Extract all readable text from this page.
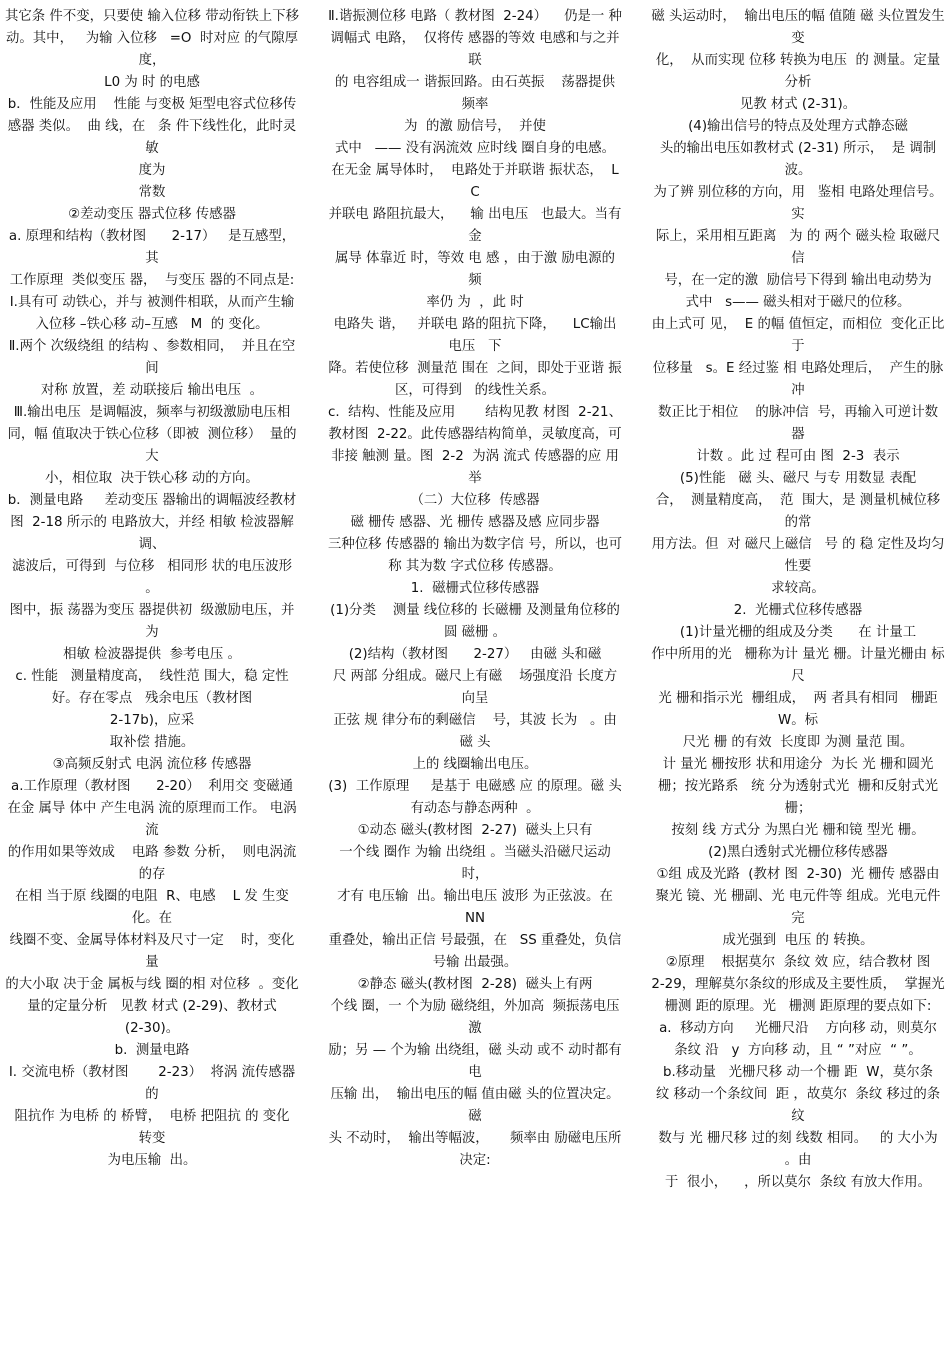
其它条 件不变，只要使 输入位移 带动衔铁上下移

动。其中，   为输 入位移   =O  时对应 的气隙厚度，

L0 为 时 的电感

b．性能及应用    性能 与变极 矩型电容式位移传

感器 类似。  曲 线，在   条 件下线性化，此时灵 敏

度为

常数

②差动变压 器式位移 传感器

a. 原理和结构（教材图      2-17）   是互感型，其

工作原理  类似变压 器，  与变压 器的不同点是:

Ⅰ.具有可 动铁心，并与 被测件相联，从而产生输

入位移 –铁心移 动–互感   M  的 变化。

Ⅱ.两个 次级绕组 的结构 、参数相同，  并且在空 间

对称 放置，差 动联接后 输出电压  。

Ⅲ.输出电压  是调幅波，频率与初级激励电压相

同，幅 值取决于铁心位移（即被  测位移）  量的大

小，相位取  决于铁心移 动的方向。

b．测量电路     差动变压 器输出的调幅波经教材

图  2-18 所示的 电路放大，并经 相敏 检波器解 调、

滤波后，可得到  与位移   相同形 状的电压波形  。

图中，振 荡器为变压 器提供初  级激励电压，并为

相敏 检波器提供  参考电压 。

c. 性能   测量精度高，  线性范 围大，稳 定性好。存在零点   残余电压（教材图

2-17b)，应采

取补偿 措施。

③高频反射式 电涡 流位移 传感器

a.工作原理（教材图      2-20）  利用交 变磁通

在金 属导 体中 产生电涡 流的原理而工作。 电涡 流

的作用如果等效成    电路 参数 分析，  则电涡流的存

在相 当于原 线圈的电阻  R、电感    L 发 生变化。在

线圈不变、金属导体材料及尺寸一定    时，变化量

的大小取 决于金 属板与线 圈的相 对位移  。变化

量的定量分析   见教 材式 (2-29)、教材式

(2-30)。

b.  测量电路

Ⅰ. 交流电桥（教材图       2-23）  将涡 流传感器的

阻抗作 为电桥 的 桥臂，  电桥 把阻抗 的 变化  转变

为电压输  出。

Ⅱ.谐振测位移 电路（ 教材图  2-24）    仍是一 种

调幅式 电路，  仅将传 感器的等效 电感和与之并联

的 电容组成一 谐振回路。由石英振    荡器提供 频率

为  的激 励信号，  并使

式中   —— 没有涡流效 应时线 圈自身的电感。

在无金 属导体时，  电路处于并联谐 振状态，  LC

并联电 路阻抗最大，    输 出电压   也最大。当有金

属导 体靠近 时，等效 电 感 ，由于激 励电源的 频

率仍 为  ，此 时

电路失 谐，   并联电 路的阻抗下降，    LC输出电压   下

降。若使位移  测量范 围在  之间，即处于亚谐 振

区，可得到   的线性关系。

c.  结构、性能及应用       结构见教 材图  2-21、

教材图  2-22。此传感器结构简单，灵敏度高，可

非接 触测 量。图  2-2  为涡 流式 传感器的应 用 举

（二）大位移  传感器

磁 栅传 感器、光 栅传 感器及感 应同步器

三种位移 传感器的 输出为数字信 号，所以，也可

称 其为数 字式位移 传感器。

1.  磁栅式位移传感器

(1)分类    测量 线位移的 长磁栅 及测量角位移的 圆 磁栅 。

(2)结构（教材图      2-27）   由磁 头和磁

尺 两部 分组成。磁尺上有磁    场强度沿 长度方向呈

正弦 规 律分布的剩磁信    号，其波 长为   。由磁 头

上的 线圈输出电压。

(3)  工作原理     是基于 电磁感 应 的原理。磁 头有动态与静态两种  。

①动态 磁头(教材图  2-27)  磁头上只有

一个线 圈作 为输 出绕组 。当磁头沿磁尺运动时，

才有 电压输  出。输出电压 波形 为正弦波。在    NN

重叠处，输出正信 号最强，在   SS 重叠处，负信

号输 出最强。

②静态 磁头(教材图  2-28)  磁头上有两

个线 圈，一 个为励 磁绕组，外加高  频振荡电压 激

励；另 — 个为输 出绕组，磁 头动 或不 动时都有 电

压输 出，  输出电压的幅 值由磁 头的位置决定。磁

头 不动时，  输出等幅波，     频率由 励磁电压所决定:

磁 头运动时，  输出电压的幅 值随 磁 头位置发生 变

化，  从而实现 位移 转换为电压  的 测量。定量分析

见教 材式 (2-31)。

(4)输出信号的特点及处理方式静态磁

头的输出电压如教材式 (2-31) 所示，  是 调制波。

为了辨 别位移的方向，用   鉴相 电路处理信号。实

际上，采用相互距离   为 的 两个 磁头检 取磁尺信

号，在一定的激  励信号下得到 输出电动势为

式中   s—— 磁头相对于磁尺的位移。

由上式可 见，  E 的幅 值恒定，而相位  变化正比于

位移量   s。E 经过鉴 相 电路处理后，  产生的脉冲

数正比于相位    的脉冲信  号，再输入可逆计数 器

计数 。此 过 程可由 图  2-3  表示

(5)性能   磁 头、磁尺 与专 用数显 表配

合，  测量精度高，  范  围大，是 测量机械位移的常

用方法。但  对 磁尺上磁信   号 的 稳 定性及均匀 性要

求较高。

2.  光栅式位移传感器

(1)计量光栅的组成及分类      在 计量工

作中所用的光   栅称为计 量光 栅。计量光栅由 标 尺

光 栅和指示光  栅组成，  两 者具有相同   栅距  W。标

尺光 栅 的有效  长度即 为测 量范 围。

计 量光 栅按形 状和用途分  为长 光 栅和圆光

栅；按光路系   统 分为透射式光  栅和反射式光 栅；

按刻 线 方式分 为黑白光 栅和镜 型光 栅。

(2)黑白透射式光栅位移传感器

①组 成及光路  (教材 图  2-30)  光 栅传 感器由

聚光 镜、光 栅副、光 电元件等 组成。光电元件完

成光强到  电压 的 转换。

②原理    根据莫尔  条纹 效 应，结合教材 图

2-29，理解莫尔条纹的形成及主要性质，  掌握光

栅测 距的原理。光   栅测 距原理的要点如下:

a.  移动方向     光栅尺沿    方向移 动，则莫尔

条纹 沿   y  方向移 动，且 “ ”对应  “ ”。

b.移动量   光栅尺移 动一个栅 距  W，莫尔条

纹 移动一个条纹间  距 ，故莫尔  条纹 移过的条纹

数与 光 栅尺移 过的刻 线数 相同。   的 大小为  。由

于  很小，    ，所以莫尔  条纹 有放大作用。
